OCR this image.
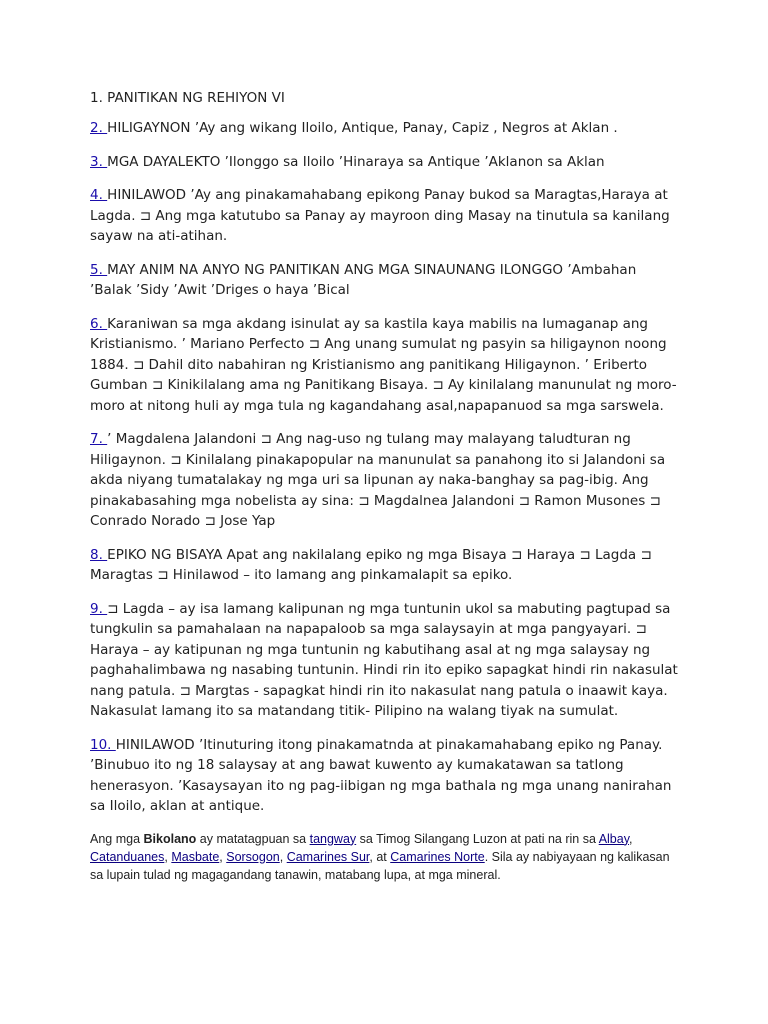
1. PANITIKAN NG REHIYON VI
2. HILIGAYNON ’Ay ang wikang Iloilo, Antique, Panay, Capiz , Negros at Aklan .
3. MGA DAYALEKTO ’Ilonggo sa Iloilo ’Hinaraya sa Antique ’Aklanon sa Aklan
4. HINILAWOD ’Ay ang pinakamahabang epikong Panay bukod sa Maragtas,Haraya at Lagda. ⊐ Ang mga katutubo sa Panay ay mayroon ding Masay na tinutula sa kanilang sayaw na ati-atihan.
5. MAY ANIM NA ANYO NG PANITIKAN ANG MGA SINAUNANG ILONGGO ’Ambahan ’Balak ’Sidy ’Awit ’Driges o haya ’Bical
6. Karaniwan sa mga akdang isinulat ay sa kastila kaya mabilis na lumaganap ang Kristianismo. ’ Mariano Perfecto ⊐ Ang unang sumulat ng pasyin sa hiligaynon noong 1884. ⊐ Dahil dito nabahiran ng Kristianismo ang panitikang Hiligaynon. ’ Eriberto Gumban ⊐ Kinikilalang ama ng Panitikang Bisaya. ⊐ Ay kinilalang manunulat ng moro-moro at nitong huli ay mga tula ng kagandahang asal,napapanuod sa mga sarswela.
7. ’ Magdalena Jalandoni ⊐ Ang nag-uso ng tulang may malayang taludturan ng Hiligaynon. ⊐ Kinilalang pinakapopular na manunulat sa panahong ito si Jalandoni sa akda niyang tumatalakay ng mga uri sa lipunan ay naka-banghay sa pag-ibig. Ang pinakabasahing mga nobelista ay sina: ⊐ Magdalnea Jalandoni ⊐ Ramon Musones ⊐ Conrado Norado ⊐ Jose Yap
8. EPIKO NG BISAYA Apat ang nakilalang epiko ng mga Bisaya ⊐ Haraya ⊐ Lagda ⊐ Maragtas ⊐ Hinilawod – ito lamang ang pinkamalapit sa epiko.
9. ⊐ Lagda – ay isa lamang kalipunan ng mga tuntunin ukol sa mabuting pagtupad sa tungkulin sa pamahalaan na napapaloob sa mga salaysayin at mga pangyayari. ⊐ Haraya – ay katipunan ng mga tuntunin ng kabutihang asal at ng mga salaysay ng paghahalimbawa ng nasabing tuntunin. Hindi rin ito epiko sapagkat hindi rin nakasulat nang patula. ⊐ Margtas - sapagkat hindi rin ito nakasulat nang patula o inaawit kaya. Nakasulat lamang ito sa matandang titik- Pilipino na walang tiyak na sumulat.
10. HINILAWOD ’Itinuturing itong pinakamatnda at pinakamahabang epiko ng Panay. ’Binubuo ito ng 18 salaysay at ang bawat kuwento ay kumakatawan sa tatlong henerasyon. ’Kasaysayan ito ng pag-iibigan ng mga bathala ng mga unang nanirahan sa Iloilo, aklan at antique.
Ang mga Bikolano ay matatagpuan sa tangway sa Timog Silangang Luzon at pati na rin sa Albay, Catanduanes, Masbate, Sorsogon, Camarines Sur, at Camarines Norte. Sila ay nabiyayaan ng kalikasan sa lupain tulad ng magagandang tanawin, matabang lupa, at mga mineral.
